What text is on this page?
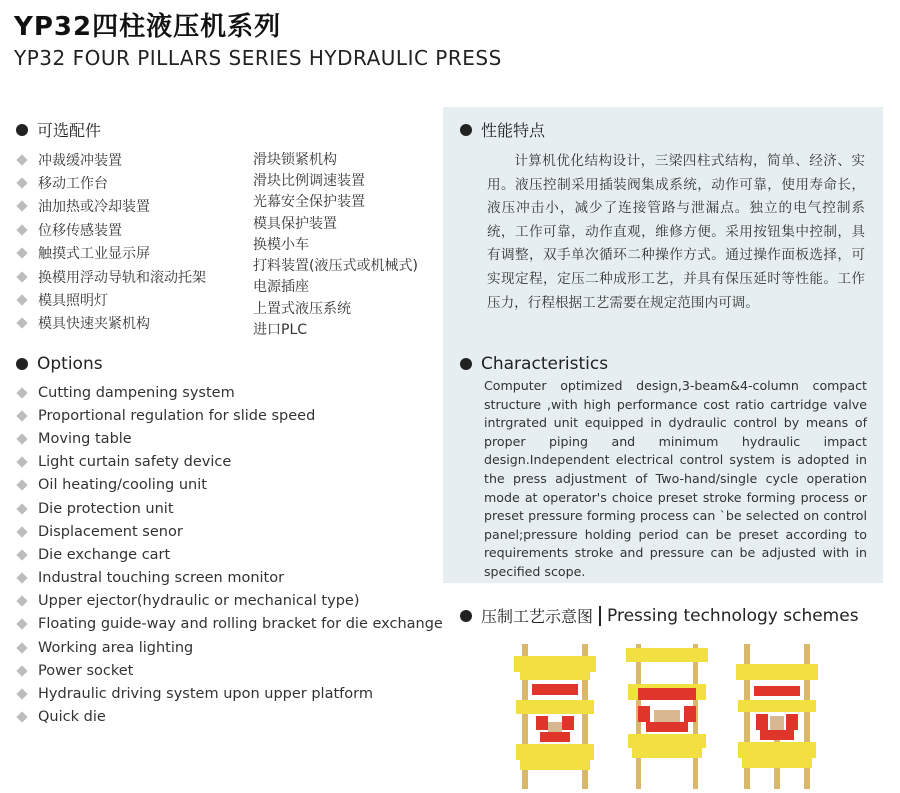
YP32四柱液压机系列
YP32 FOUR PILLARS SERIES HYDRAULIC PRESS
可选配件
冲裁缓冲装置
移动工作台
油加热或冷却装置
位移传感装置
触摸式工业显示屏
换模用浮动导轨和滚动托架
模具照明灯
模具快速夹紧机构
滑块锁紧机构
滑块比例调速装置
光幕安全保护装置
模具保护装置
换模小车
打料装置(液压式或机械式)
电源插座
上置式液压系统
进口PLC
Options
Cutting dampening system
Proportional regulation for slide speed
Moving table
Light curtain safety device
Oil heating/cooling unit
Die protection unit
Displacement senor
Die exchange cart
Industral touching screen monitor
Upper ejector(hydraulic or mechanical type)
Floating guide-way and rolling bracket for die exchange
Working area lighting
Power socket
Hydraulic driving system upon upper platform
Quick die
性能特点

计算机优化结构设计，三梁四柱式结构，简单、经济、实用。液压控制采用插装阀集成系统，动作可靠，使用寿命长，液压冲击小，减少了连接管路与泄漏点。独立的电气控制系统，工作可靠，动作直观，维修方便。采用按钮集中控制，具有调整，双手单次循环二种操作方式。通过操作面板选择，可实现定程，定压二种成形工艺，并具有保压延时等性能。工作压力，行程根据工艺需要在规定范围内可调。

Characteristics

Computer optimized design,3-beam&4-column compact structure ,with high performance cost ratio cartridge valve intrgrated unit equipped in dydraulic control by means of proper piping and minimum hydraulic impact design.Independent electrical control system is adopted in the press adjustment of Two-hand/single cycle operation mode at operator's choice preset stroke forming process or preset pressure forming process can `be selected on control panel;pressure holding period can be preset according to requirements stroke and pressure can be adjusted with in specified scope.

压制工艺示意图 Pressing technology schemes
